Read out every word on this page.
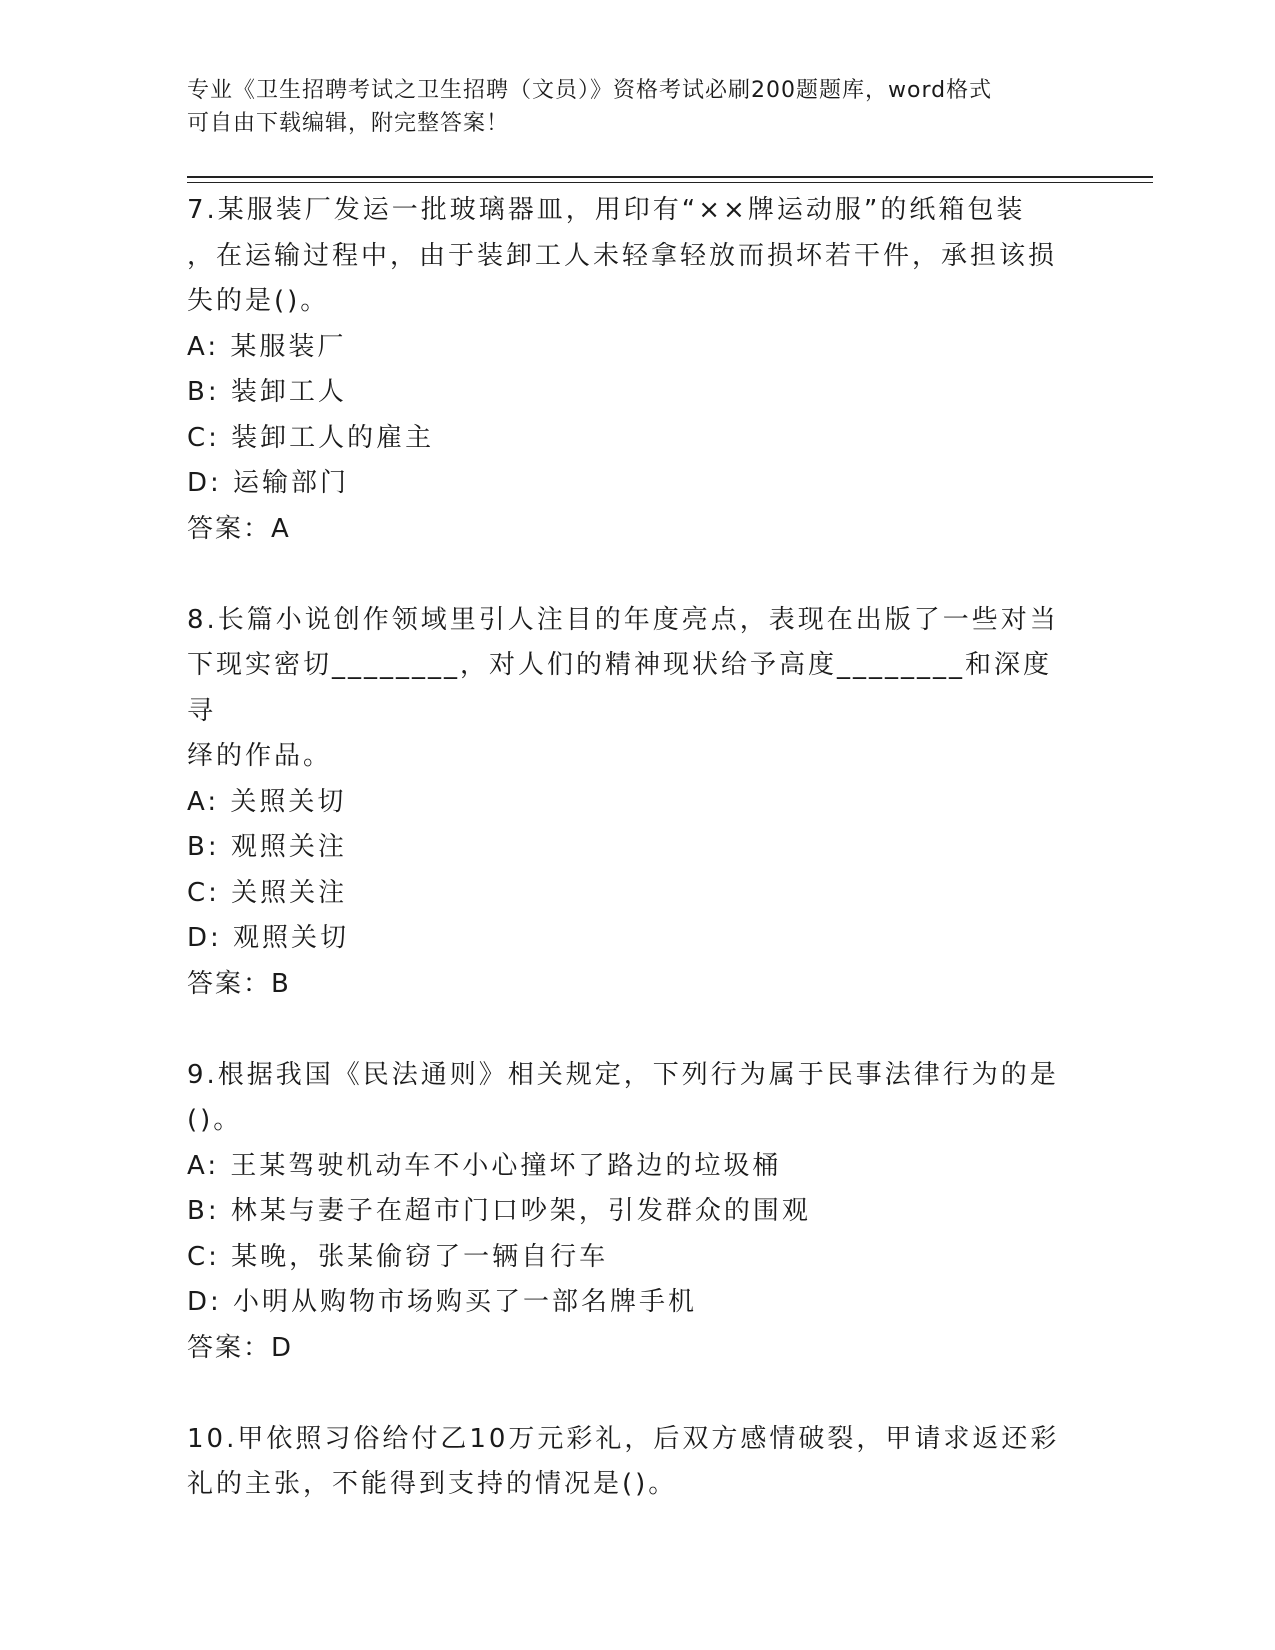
专业《卫生招聘考试之卫生招聘（文员）》资格考试必刷200题题库，word格式
可自由下载编辑，附完整答案！

7.某服装厂发运一批玻璃器皿，用印有“××牌运动服”的纸箱包装

，在运输过程中，由于装卸工人未轻拿轻放而损坏若干件，承担该损

失的是()。

A: 某服装厂

B: 装卸工人

C: 装卸工人的雇主

D: 运输部门

答案：A

8.长篇小说创作领域里引人注目的年度亮点，表现在出版了一些对当

下现实密切________，对人们的精神现状给予高度________和深度寻

绎的作品。

A: 关照关切

B: 观照关注

C: 关照关注

D: 观照关切

答案：B

9.根据我国《民法通则》相关规定，下列行为属于民事法律行为的是

()。

A: 王某驾驶机动车不小心撞坏了路边的垃圾桶

B: 林某与妻子在超市门口吵架，引发群众的围观

C: 某晚，张某偷窃了一辆自行车

D: 小明从购物市场购买了一部名牌手机

答案：D

10.甲依照习俗给付乙10万元彩礼，后双方感情破裂，甲请求返还彩

礼的主张，不能得到支持的情况是()。
